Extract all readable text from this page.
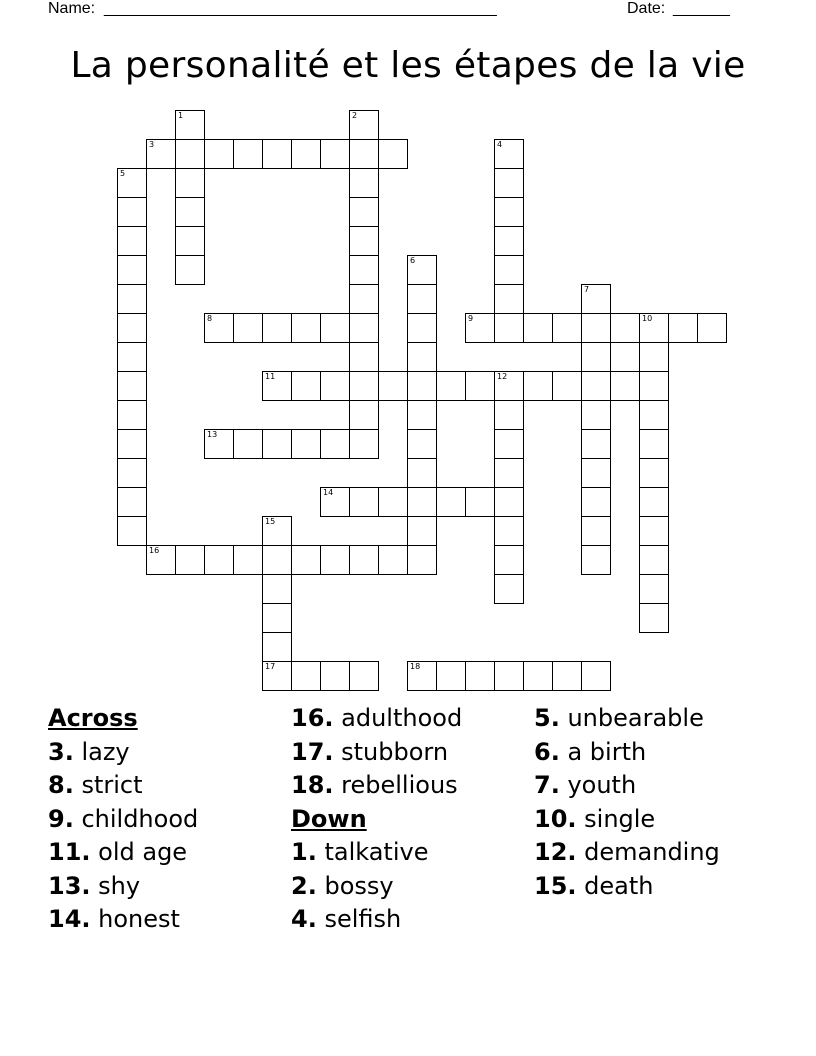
Name: _________________________________________________	Date: _______
La personalité et les étapes de la vie
3
8	9	10
11	12
13
14
16
17	18
1	2
4
5
6
7
15
Across
3. lazy
8. strict
9. childhood
11. old age
13. shy
14. honest
16. adulthood
17. stubborn
18. rebellious
Down
1. talkative
2. bossy
4. selfish
5. unbearable
6. a birth
7. youth
10. single
12. demanding
15. death
